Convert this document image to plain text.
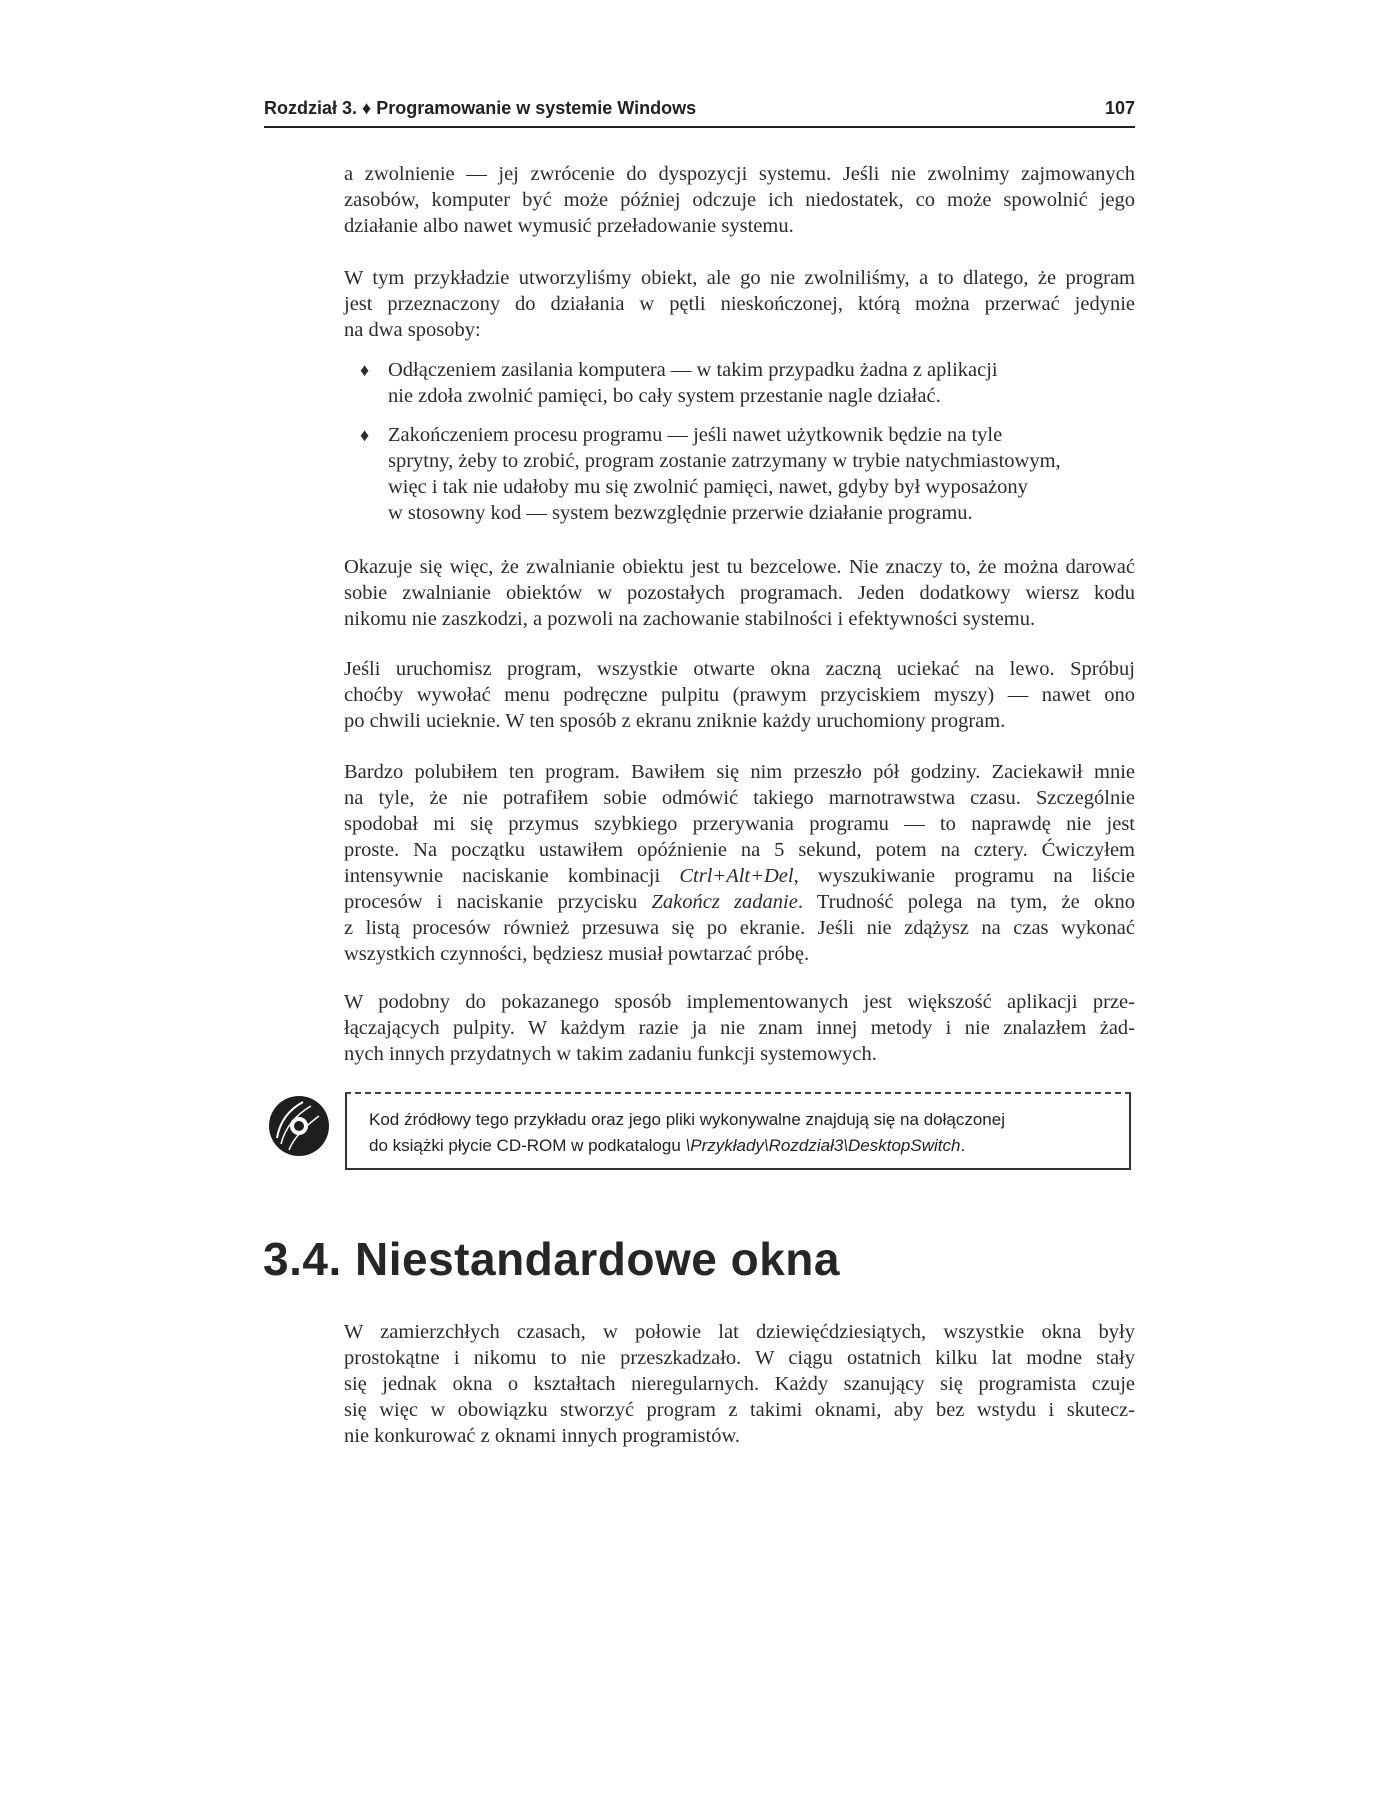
Rozdział 3. ♦ Programowanie w systemie Windows	107

a zwolnienie — jej zwrócenie do dyspozycji systemu. Jeśli nie zwolnimy zajmowanych
zasobów, komputer być może później odczuje ich niedostatek, co może spowolnić jego
działanie albo nawet wymusić przeładowanie systemu.

W tym przykładzie utworzyliśmy obiekt, ale go nie zwolniliśmy, a to dlatego, że program
jest przeznaczony do działania w pętli nieskończonej, którą można przerwać jedynie
na dwa sposoby:

♦ Odłączeniem zasilania komputera — w takim przypadku żadna z aplikacji
nie zdoła zwolnić pamięci, bo cały system przestanie nagle działać.
♦ Zakończeniem procesu programu — jeśli nawet użytkownik będzie na tyle
sprytny, żeby to zrobić, program zostanie zatrzymany w trybie natychmiastowym,
więc i tak nie udałoby mu się zwolnić pamięci, nawet, gdyby był wyposażony
w stosowny kod — system bezwzględnie przerwie działanie programu.

Okazuje się więc, że zwalnianie obiektu jest tu bezcelowe. Nie znaczy to, że można darować
sobie zwalnianie obiektów w pozostałych programach. Jeden dodatkowy wiersz kodu
nikomu nie zaszkodzi, a pozwoli na zachowanie stabilności i efektywności systemu.

Jeśli uruchomisz program, wszystkie otwarte okna zaczną uciekać na lewo. Spróbuj
choćby wywołać menu podręczne pulpitu (prawym przyciskiem myszy) — nawet ono
po chwili ucieknie. W ten sposób z ekranu zniknie każdy uruchomiony program.

Bardzo polubiłem ten program. Bawiłem się nim przeszło pół godziny. Zaciekawił mnie
na tyle, że nie potrafiłem sobie odmówić takiego marnotrawstwa czasu. Szczególnie
spodobał mi się przymus szybkiego przerywania programu — to naprawdę nie jest
proste. Na początku ustawiłem opóźnienie na 5 sekund, potem na cztery. Ćwiczyłem
intensywnie naciskanie kombinacji Ctrl+Alt+Del, wyszukiwanie programu na liście
procesów i naciskanie przycisku Zakończ zadanie. Trudność polega na tym, że okno
z listą procesów również przesuwa się po ekranie. Jeśli nie zdążysz na czas wykonać
wszystkich czynności, będziesz musiał powtarzać próbę.

W podobny do pokazanego sposób implementowanych jest większość aplikacji prze-
łączających pulpity. W każdym razie ja nie znam innej metody i nie znalazłem żad-
nych innych przydatnych w takim zadaniu funkcji systemowych.

Kod źródłowy tego przykładu oraz jego pliki wykonywalne znajdują się na dołączonej
do książki płycie CD-ROM w podkatalogu \Przykłady\Rozdział3\DesktopSwitch.
3.4. Niestandardowe okna

W zamierzchłych czasach, w połowie lat dziewięćdziesiątych, wszystkie okna były
prostokątne i nikomu to nie przeszkadzało. W ciągu ostatnich kilku lat modne stały
się jednak okna o kształtach nieregularnych. Każdy szanujący się programista czuje
się więc w obowiązku stworzyć program z takimi oknami, aby bez wstydu i skutecz-
nie konkurować z oknami innych programistów.
